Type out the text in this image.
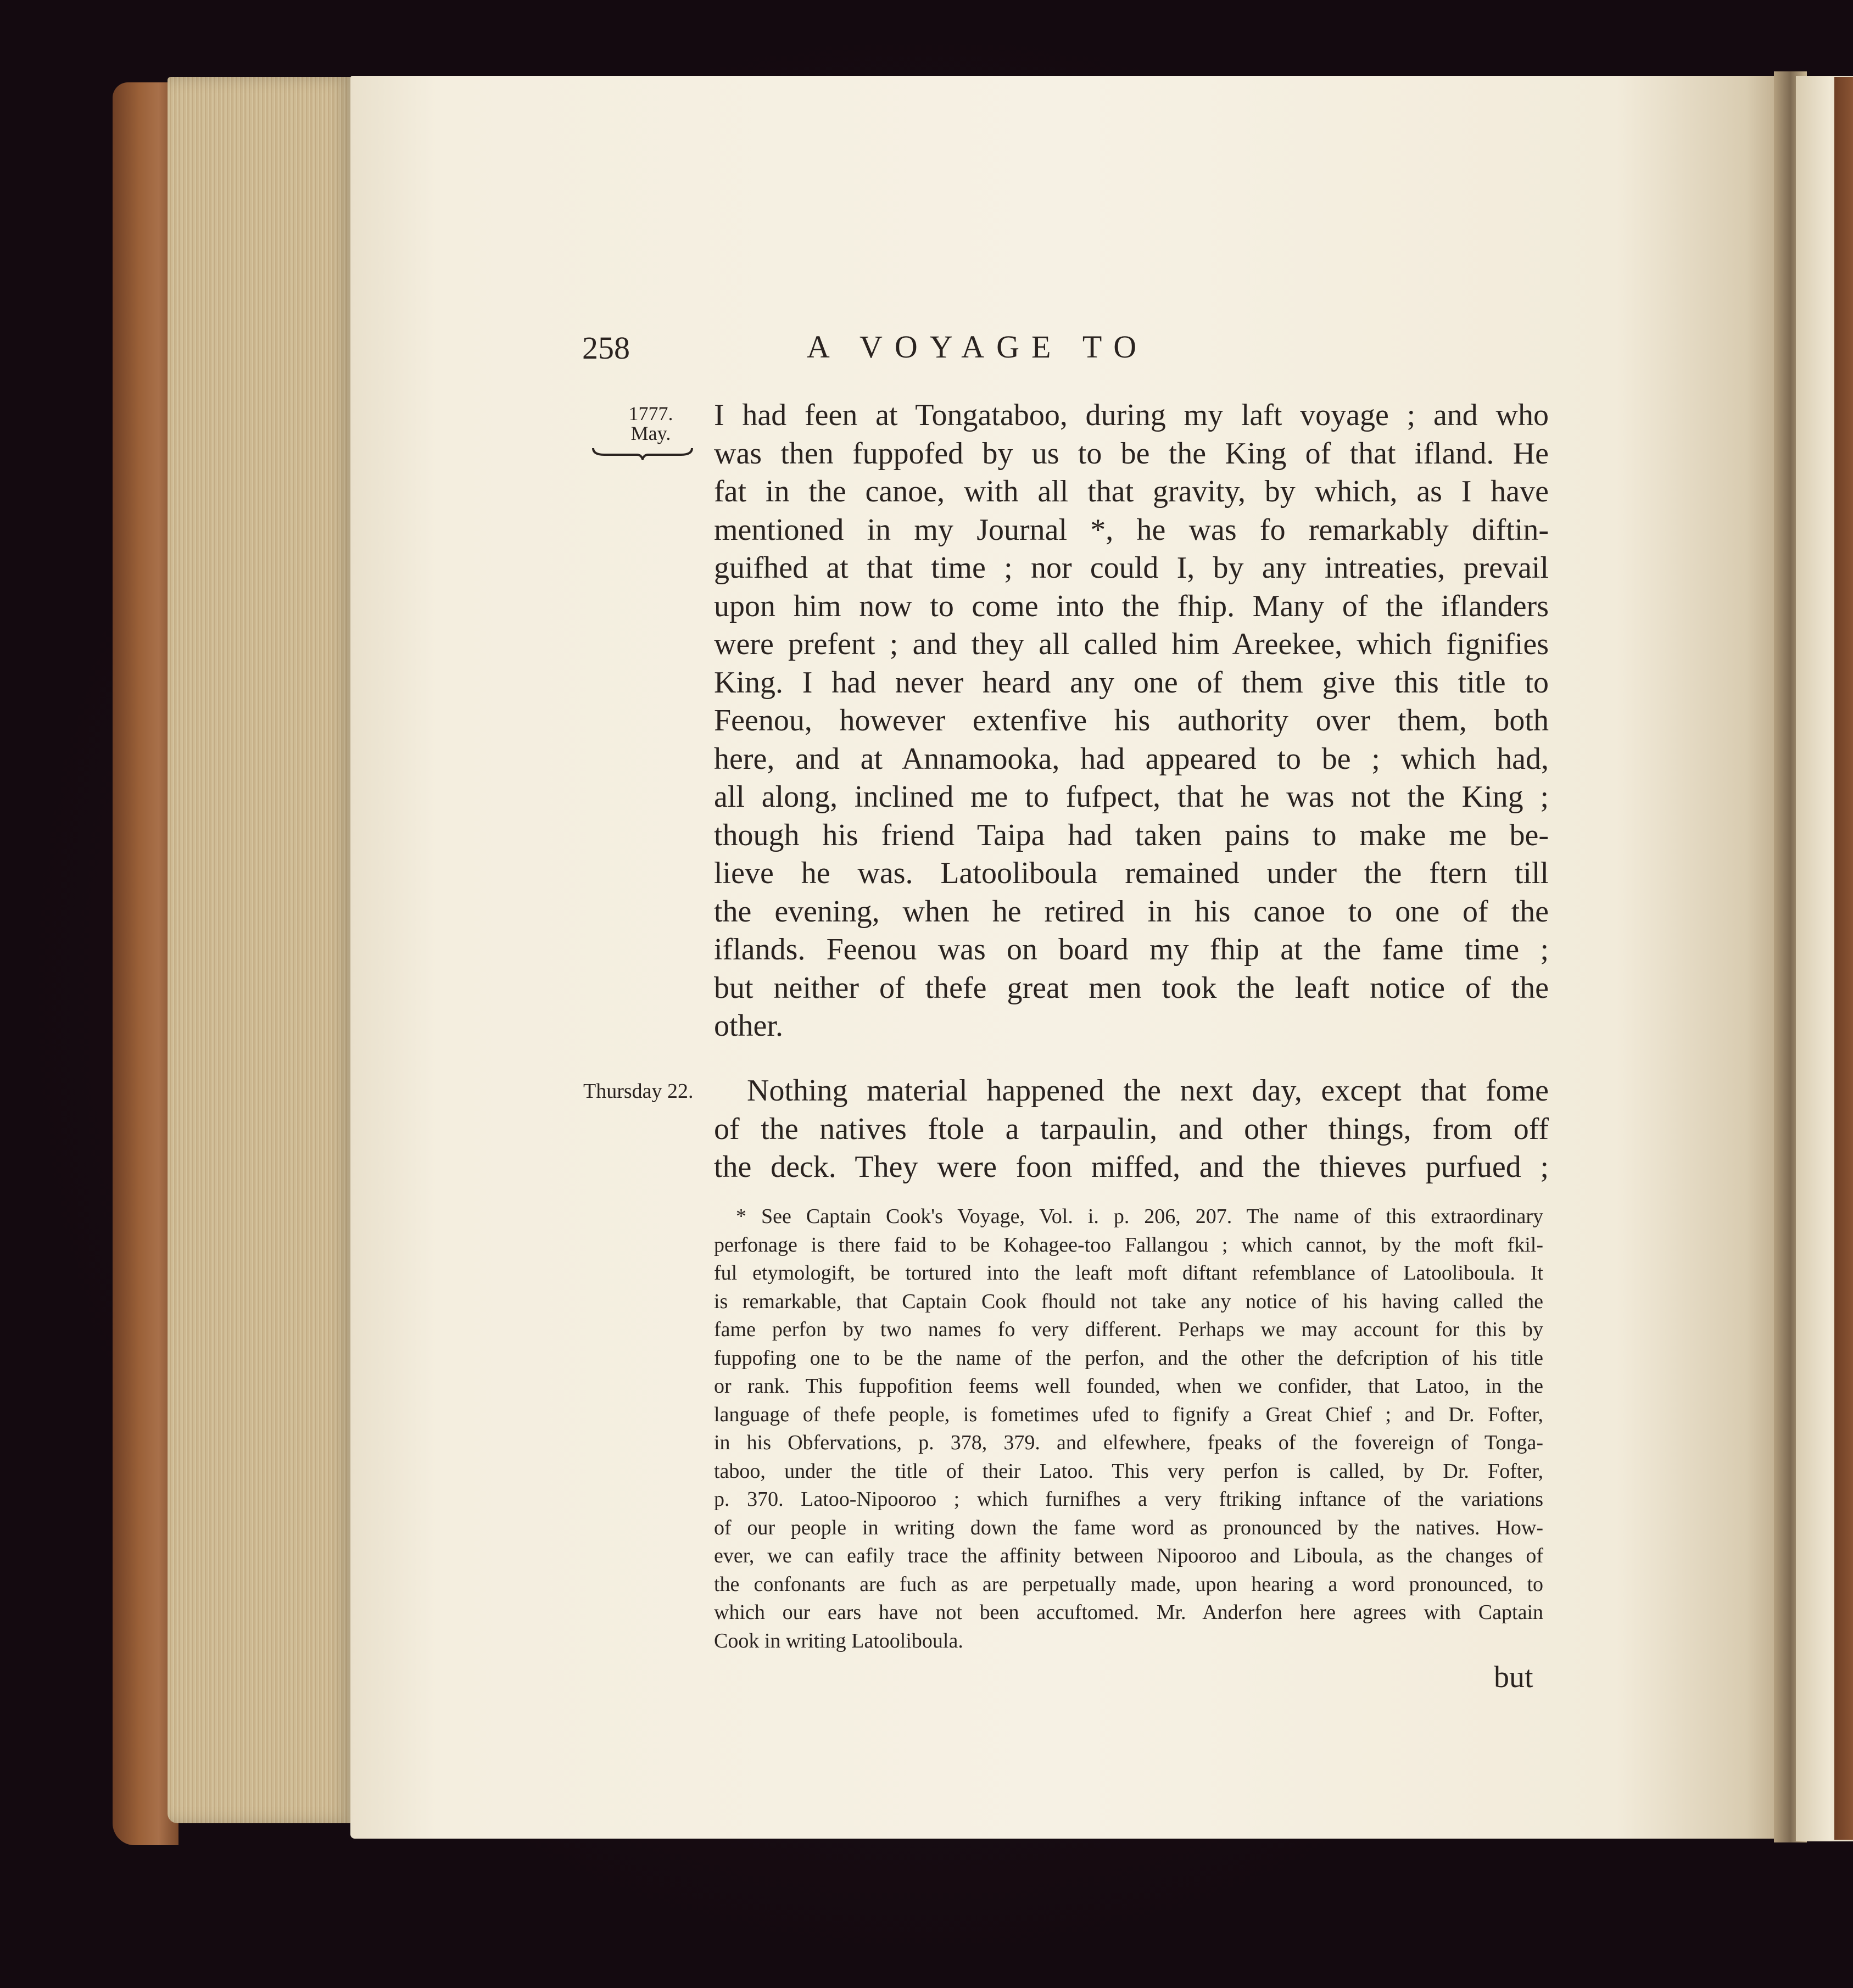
258	A VOYAGE TO
1777.
May.
Thursday 22.
I had feen at Tongataboo, during my laft voyage ; and who
was then fuppofed by us to be the King of that ifland. He
fat in the canoe, with all that gravity, by which, as I have
mentioned in my Journal *, he was fo remarkably diftin-
guifhed at that time ; nor could I, by any intreaties, prevail
upon him now to come into the fhip. Many of the iflanders
were prefent ; and they all called him Areekee, which fignifies
King. I had never heard any one of them give this title to
Feenou, however extenfive his authority over them, both
here, and at Annamooka, had appeared to be ; which had,
all along, inclined me to fufpect, that he was not the King ;
though his friend Taipa had taken pains to make me be-
lieve he was. Latooliboula remained under the ftern till
the evening, when he retired in his canoe to one of the
iflands. Feenou was on board my fhip at the fame time ;
but neither of thefe great men took the leaft notice of the
other.
Nothing material happened the next day, except that fome
of the natives ftole a tarpaulin, and other things, from off
the deck. They were foon miffed, and the thieves purfued ;
* See Captain Cook's Voyage, Vol. i. p. 206, 207. The name of this extraordinary
perfonage is there faid to be Kohagee-too Fallangou ; which cannot, by the moft fkil-
ful etymologift, be tortured into the leaft moft diftant refemblance of Latooliboula. It
is remarkable, that Captain Cook fhould not take any notice of his having called the
fame perfon by two names fo very different. Perhaps we may account for this by
fuppofing one to be the name of the perfon, and the other the defcription of his title
or rank. This fuppofition feems well founded, when we confider, that Latoo, in the
language of thefe people, is fometimes ufed to fignify a Great Chief ; and Dr. Fofter,
in his Obfervations, p. 378, 379. and elfewhere, fpeaks of the fovereign of Tonga-
taboo, under the title of their Latoo. This very perfon is called, by Dr. Fofter,
p. 370. Latoo-Nipooroo ; which furnifhes a very ftriking inftance of the variations
of our people in writing down the fame word as pronounced by the natives. How-
ever, we can eafily trace the affinity between Nipooroo and Liboula, as the changes of
the confonants are fuch as are perpetually made, upon hearing a word pronounced, to
which our ears have not been accuftomed. Mr. Anderfon here agrees with Captain
Cook in writing Latooliboula.
but
